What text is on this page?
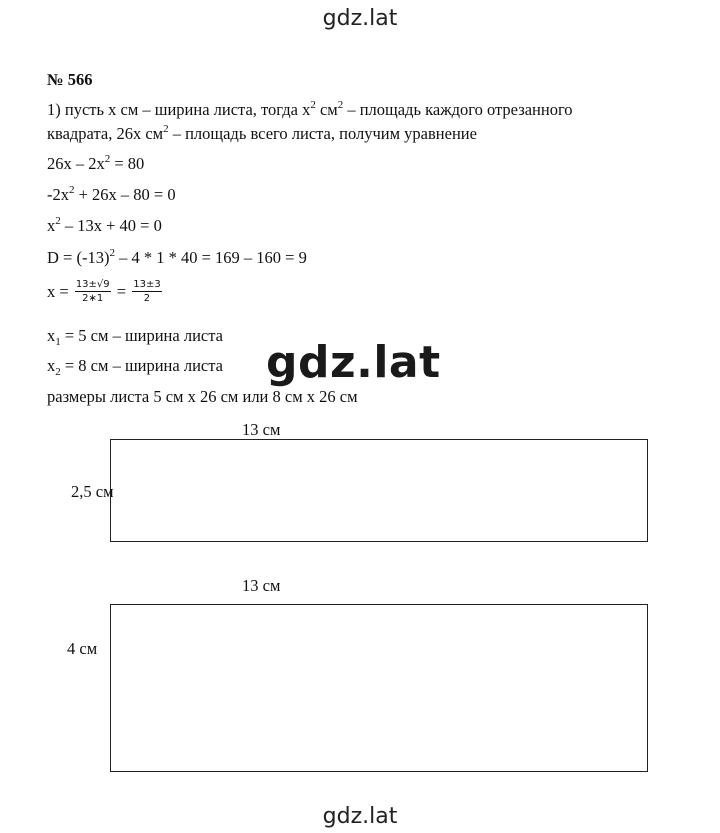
gdz.lat
gdz.lat
gdz.lat
№ 566
1) пусть x см – ширина листа, тогда $x^2$ $см^2$ – площадь каждого отрезанного
квадрата, 26x $см^2$ – площадь всего листа, получим уравнение
$26x - 2x^2 = 80$
$-2x^2 + 26x - 80 = 0$
$x^2 - 13x + 40 = 0$
$D = (-13)^2 - 4 * 1 * 40 = 169 - 160 = 9$
$x = \frac{13\pm√9}{2∗1} = \frac{13\pm 3}{2}$
$x_1 = 5$ см – ширина листа
$x_2 = 8$ см – ширина листа
размеры листа 5 см x 26 см или 8 см x 26 см
13 см
2,5 см
13 см
4 см
